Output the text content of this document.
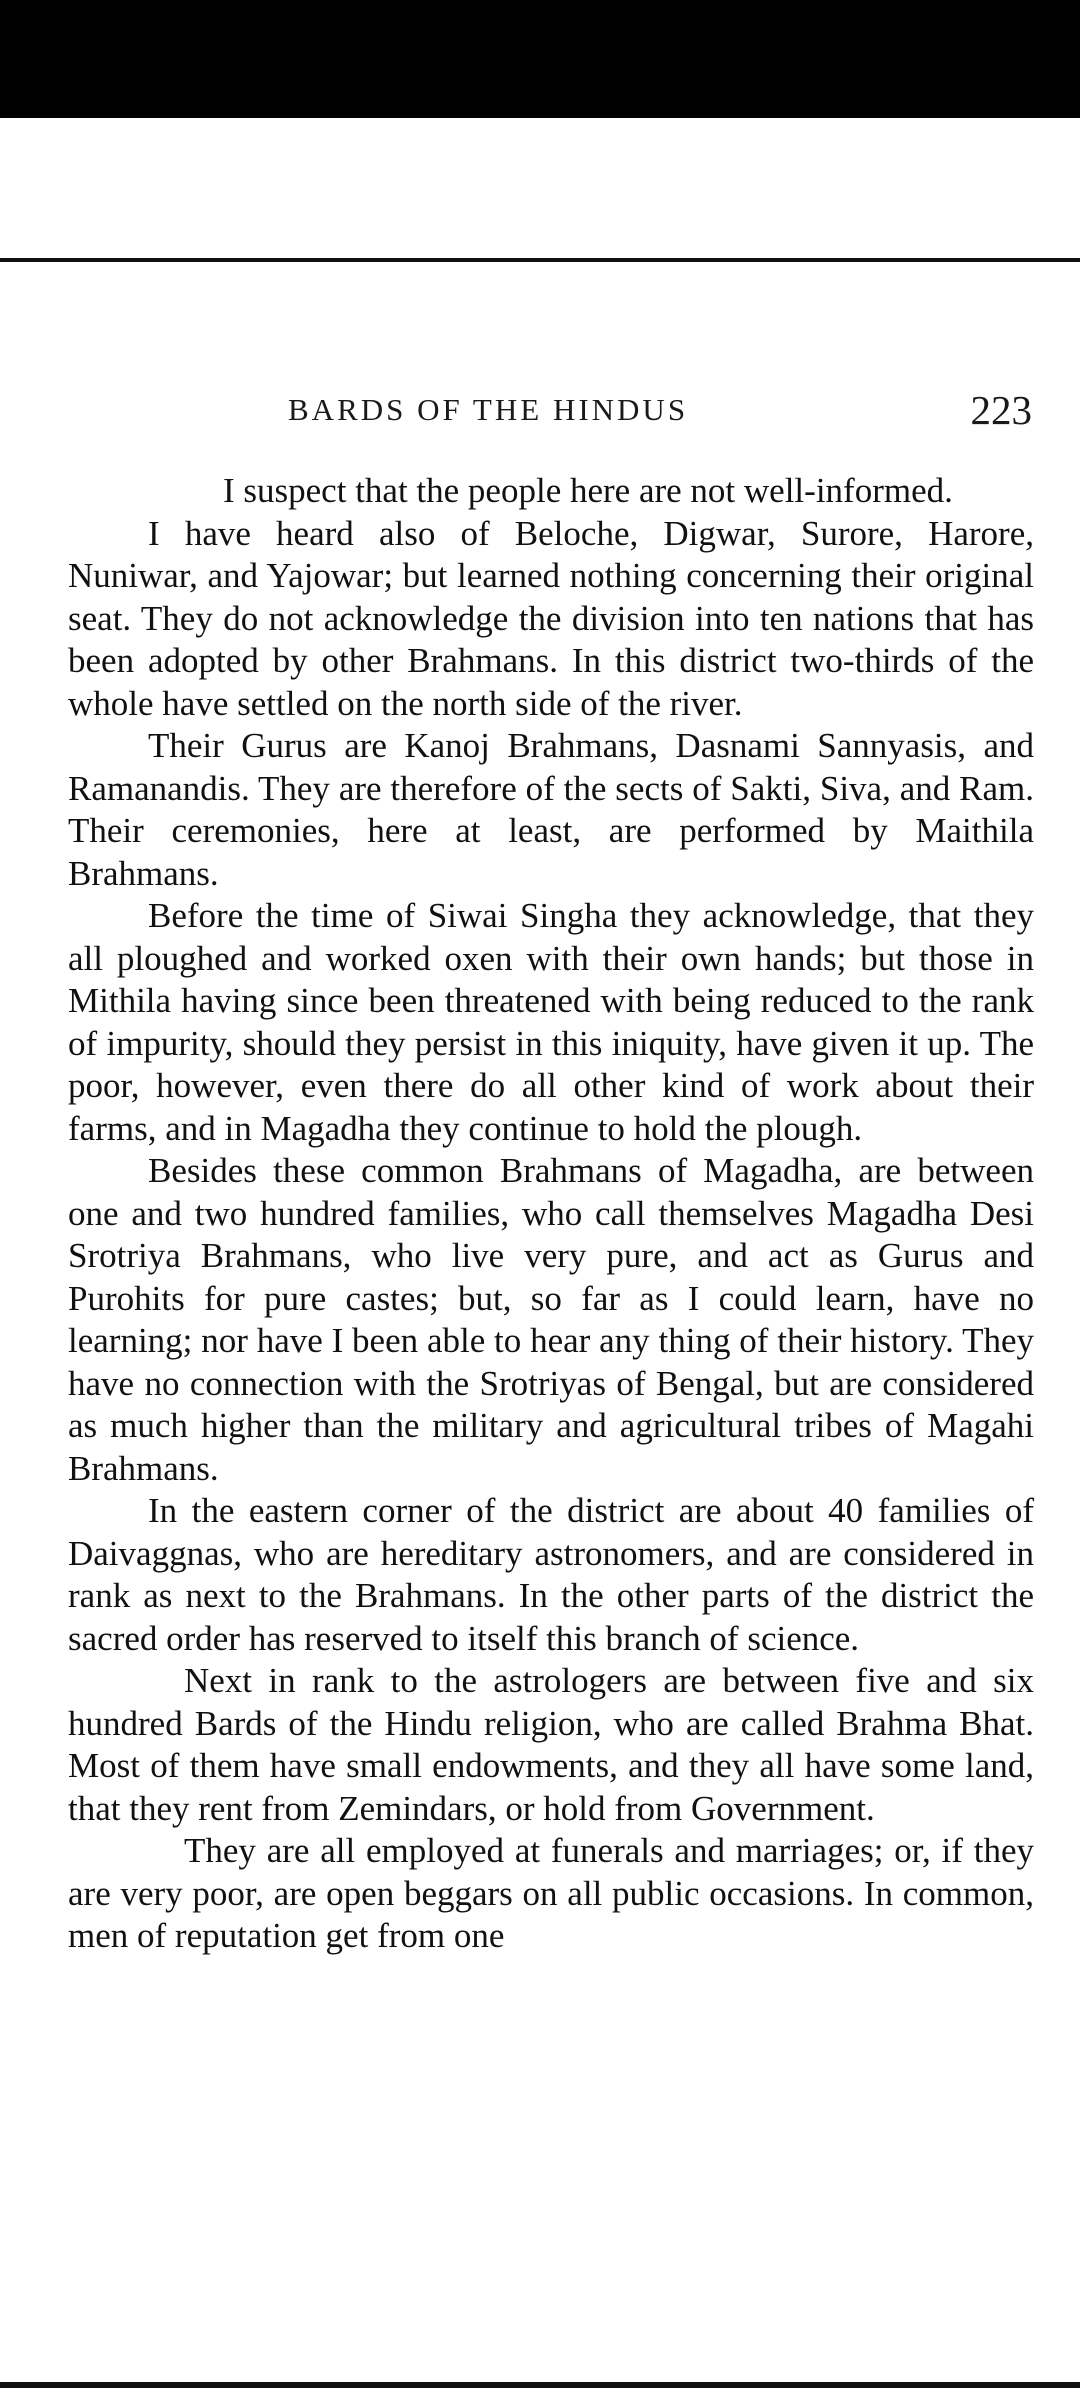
BARDS OF THE HINDUS	223

I suspect that the people here are not well-informed.

I have heard also of Beloche, Digwar, Surore, Harore, Nuniwar, and Yajowar; but learned nothing concerning their original seat. They do not acknowledge the division into ten nations that has been adopted by other Brahmans. In this district two-thirds of the whole have settled on the north side of the river.

Their Gurus are Kanoj Brahmans, Dasnami Sannyasis, and Ramanandis. They are therefore of the sects of Sakti, Siva, and Ram. Their ceremonies, here at least, are performed by Maithila Brahmans.

Before the time of Siwai Singha they acknowledge, that they all ploughed and worked oxen with their own hands; but those in Mithila having since been threatened with being reduced to the rank of impurity, should they persist in this iniquity, have given it up. The poor, however, even there do all other kind of work about their farms, and in Magadha they continue to hold the plough.

Besides these common Brahmans of Magadha, are between one and two hundred families, who call themselves Magadha Desi Srotriya Brahmans, who live very pure, and act as Gurus and Purohits for pure castes; but, so far as I could learn, have no learning; nor have I been able to hear any thing of their history. They have no connection with the Srotriyas of Bengal, but are considered as much higher than the military and agricultural tribes of Magahi Brahmans.

In the eastern corner of the district are about 40 families of Daivaggnas, who are hereditary astronomers, and are considered in rank as next to the Brahmans. In the other parts of the district the sacred order has reserved to itself this branch of science.

Next in rank to the astrologers are between five and six hundred Bards of the Hindu religion, who are called Brahma Bhat. Most of them have small endowments, and they all have some land, that they rent from Zemindars, or hold from Government.

They are all employed at funerals and marriages; or, if they are very poor, are open beggars on all public occasions. In common, men of reputation get from one
